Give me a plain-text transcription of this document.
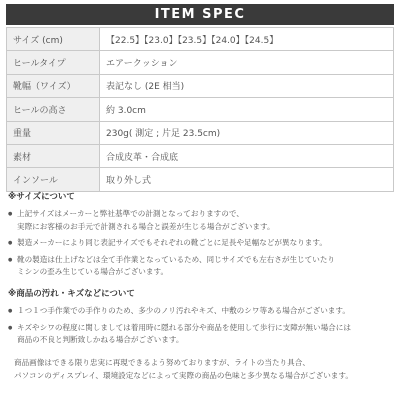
ITEM SPEC
サイズ (cm)	【22.5】【23.0】【23.5】【24.0】【24.5】
ヒールタイプ	エアークッション
靴幅（ワイズ）	表記なし (2E 相当)
ヒールの高さ	約 3.0cm
重量	230g( 測定 ; 片足 23.5cm)
素材	合成皮革・合成底
インソール	取り外し式
※サイズについて
● 上記サイズはメーカーと弊社基準での計測となっておりますので、
実際にお客様のお手元で計測される場合と誤差が生じる場合がございます。
● 製造メーカーにより同じ表記サイズでもそれぞれの靴ごとに足長や足幅などが異なります。
● 靴の製造は仕上げなどは全て手作業となっているため、同じサイズでも左右さが生じていたり
ミシンの歪み生じている場合がございます。
※商品の汚れ・キズなどについて
● １つ１つ手作業での手作りのため、多少のノリ汚れやキズ、中敷のシワ等ある場合がございます。
● キズやシワの程度に関しましては着用時に隠れる部分や商品を使用して歩行に支障が無い場合には
商品の不良と判断致しかねる場合がございます。
商品画像はできる限り忠実に再現できるよう努めておりますが、ライトの当たり具合、
パソコンのディスプレイ、環境設定などによって実際の商品の色味と多少異なる場合がございます。
